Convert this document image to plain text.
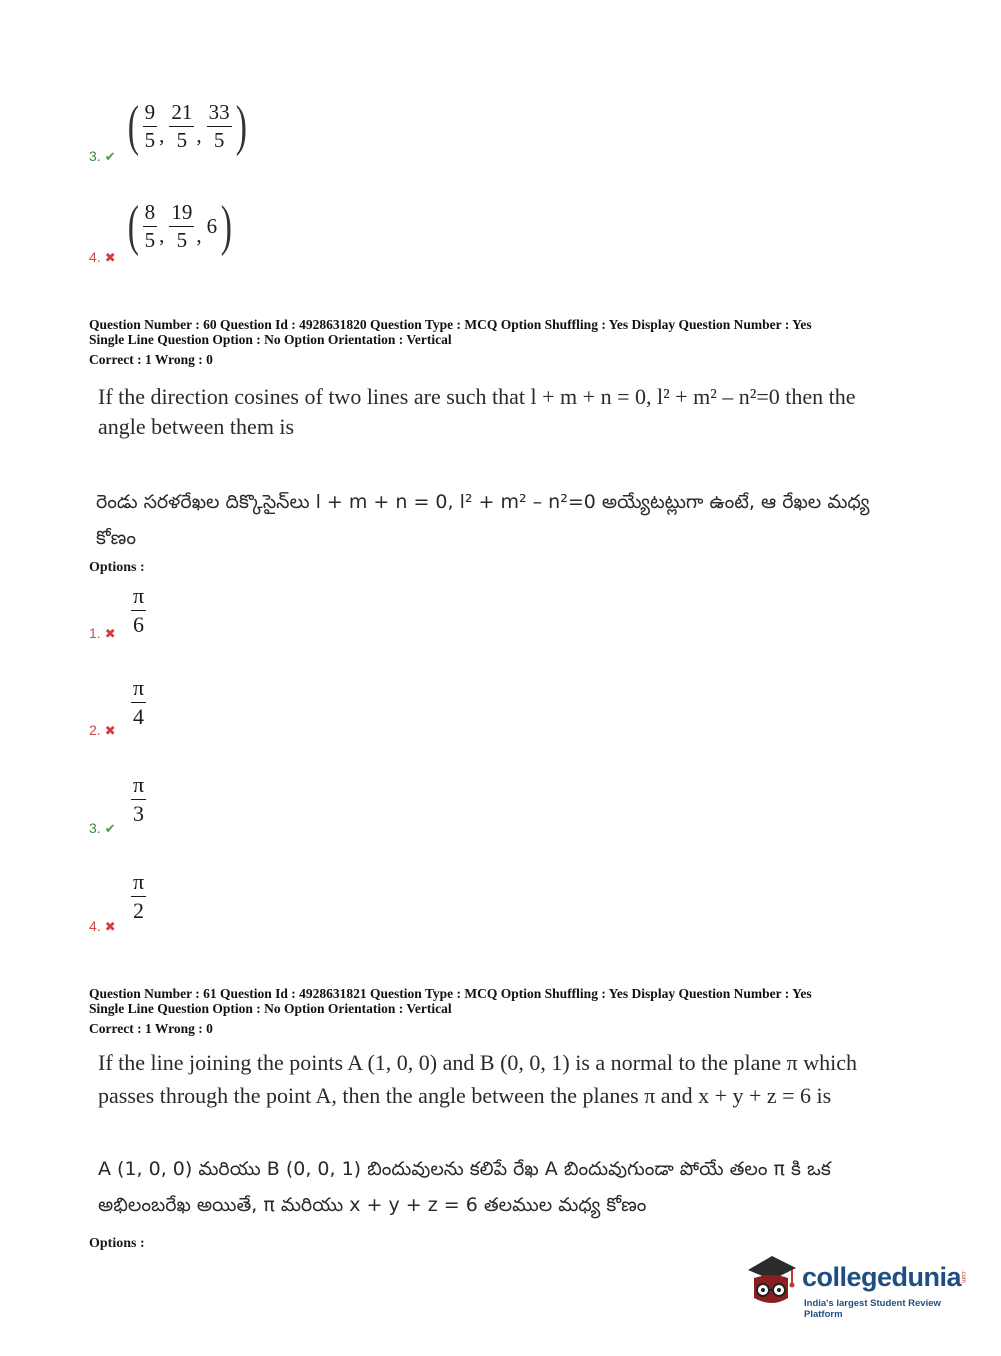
3. ✔
( $\frac{9}{5}$ , $\frac{21}{5}$ , $\frac{33}{5}$ )
4. ✖
( $\frac{8}{5}$ , $\frac{19}{5}$ , 6 )
Question Number : 60 Question Id : 4928631820 Question Type : MCQ Option Shuffling : Yes Display Question Number : Yes
Single Line Question Option : No Option Orientation : Vertical
Correct : 1 Wrong : 0
If the direction cosines of two lines are such that l + m + n = 0, l² + m² – n²=0 then the
angle between them is
రెండు సరళరేఖల దిక్కొసైన్‌లు l + m + n = 0, l² + m² – n²=0 అయ్యేటట్లుగా ఉంటే, ఆ రేఖల మధ్య
కోణం
Options :
1. ✖ $\frac{\pi}{6}$
2. ✖
$\frac{\pi}{4}$
3. ✔
$\frac{\pi}{3}$
4. ✖
$\frac{\pi}{2}$
Question Number : 61 Question Id : 4928631821 Question Type : MCQ Option Shuffling : Yes Display Question Number : Yes
Single Line Question Option : No Option Orientation : Vertical
Correct : 1 Wrong : 0
If the line joining the points A (1, 0, 0) and B (0, 0, 1) is a normal to the plane π which
passes through the point A, then the angle between the planes π and x + y + z = 6 is
A (1, 0, 0) మరియు B (0, 0, 1) బిందువులను కలిపే రేఖ A బిందువుగుండా పోయే తలం π కి ఒక
అభిలంబరేఖ అయితే, π మరియు x + y + z = 6 తలముల మధ్య కోణం
Options :
collegedunia
.com
India's largest Student Review Platform
